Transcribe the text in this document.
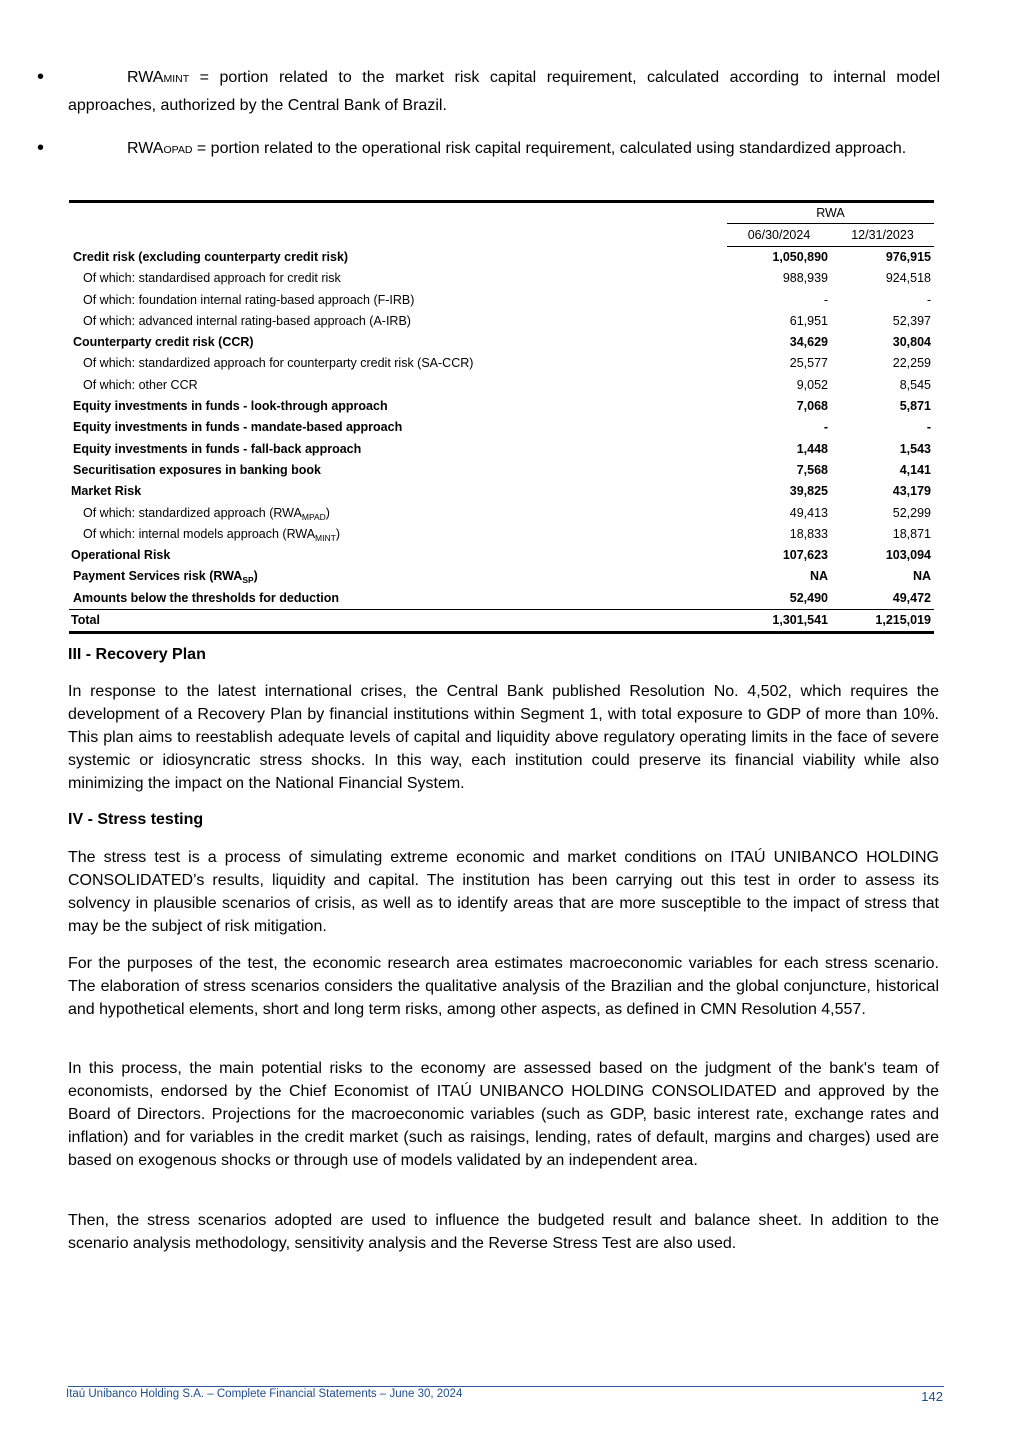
•	RWAMINT = portion related to the market risk capital requirement, calculated according to internal model approaches, authorized by the Central Bank of Brazil.
•	RWAOPAD = portion related to the operational risk capital requirement, calculated using standardized approach.
	RWA	
	06/30/2024	12/31/2023
Credit risk (excluding counterparty credit risk)	1,050,890	976,915
Of which: standardised approach for credit risk	988,939	924,518
Of which: foundation internal rating-based approach (F-IRB)	-	-
Of which: advanced internal rating-based approach (A-IRB)	61,951	52,397
Counterparty credit risk (CCR)	34,629	30,804
Of which: standardized approach for counterparty credit risk (SA-CCR)	25,577	22,259
Of which: other CCR	9,052	8,545
Equity investments in funds - look-through approach	7,068	5,871
Equity investments in funds - mandate-based approach	-	-
Equity investments in funds - fall-back approach	1,448	1,543
Securitisation exposures in banking book	7,568	4,141
Market Risk	39,825	43,179
Of which: standardized approach $(RWA_{MPAD})$	49,413	52,299
Of which: internal models approach $(RWA_{MINT})$	18,833	18,871
Operational Risk	107,623	103,094
Payment Services risk $(RWA_{SP})$	NA	NA
Amounts below the thresholds for deduction	52,490	49,472
Total	1,301,541	1,215,019
III - Recovery Plan

In response to the latest international crises, the Central Bank published Resolution No. 4,502, which requires the development of a Recovery Plan by financial institutions within Segment 1, with total exposure to GDP of more than 10%. This plan aims to reestablish adequate levels of capital and liquidity above regulatory operating limits in the face of severe systemic or idiosyncratic stress shocks. In this way, each institution could preserve its financial viability while also minimizing the impact on the National Financial System.

IV - Stress testing

The stress test is a process of simulating extreme economic and market conditions on ITAÚ UNIBANCO HOLDING CONSOLIDATED’s results, liquidity and capital. The institution has been carrying out this test in order to assess its solvency in plausible scenarios of crisis, as well as to identify areas that are more susceptible to the impact of stress that may be the subject of risk mitigation.

For the purposes of the test, the economic research area estimates macroeconomic variables for each stress scenario. The elaboration of stress scenarios considers the qualitative analysis of the Brazilian and the global conjuncture, historical and hypothetical elements, short and long term risks, among other aspects, as defined in CMN Resolution 4,557.

In this process, the main potential risks to the economy are assessed based on the judgment of the bank's team of economists, endorsed by the Chief Economist of ITAÚ UNIBANCO HOLDING CONSOLIDATED and approved by the Board of Directors. Projections for the macroeconomic variables (such as GDP, basic interest rate, exchange rates and inflation) and for variables in the credit market (such as raisings, lending, rates of default, margins and charges) used are based on exogenous shocks or through use of models validated by an independent area.

Then, the stress scenarios adopted are used to influence the budgeted result and balance sheet. In addition to the scenario analysis methodology, sensitivity analysis and the Reverse Stress Test are also used.

Itaú Unibanco Holding S.A. – Complete Financial Statements – June 30, 2024	142
